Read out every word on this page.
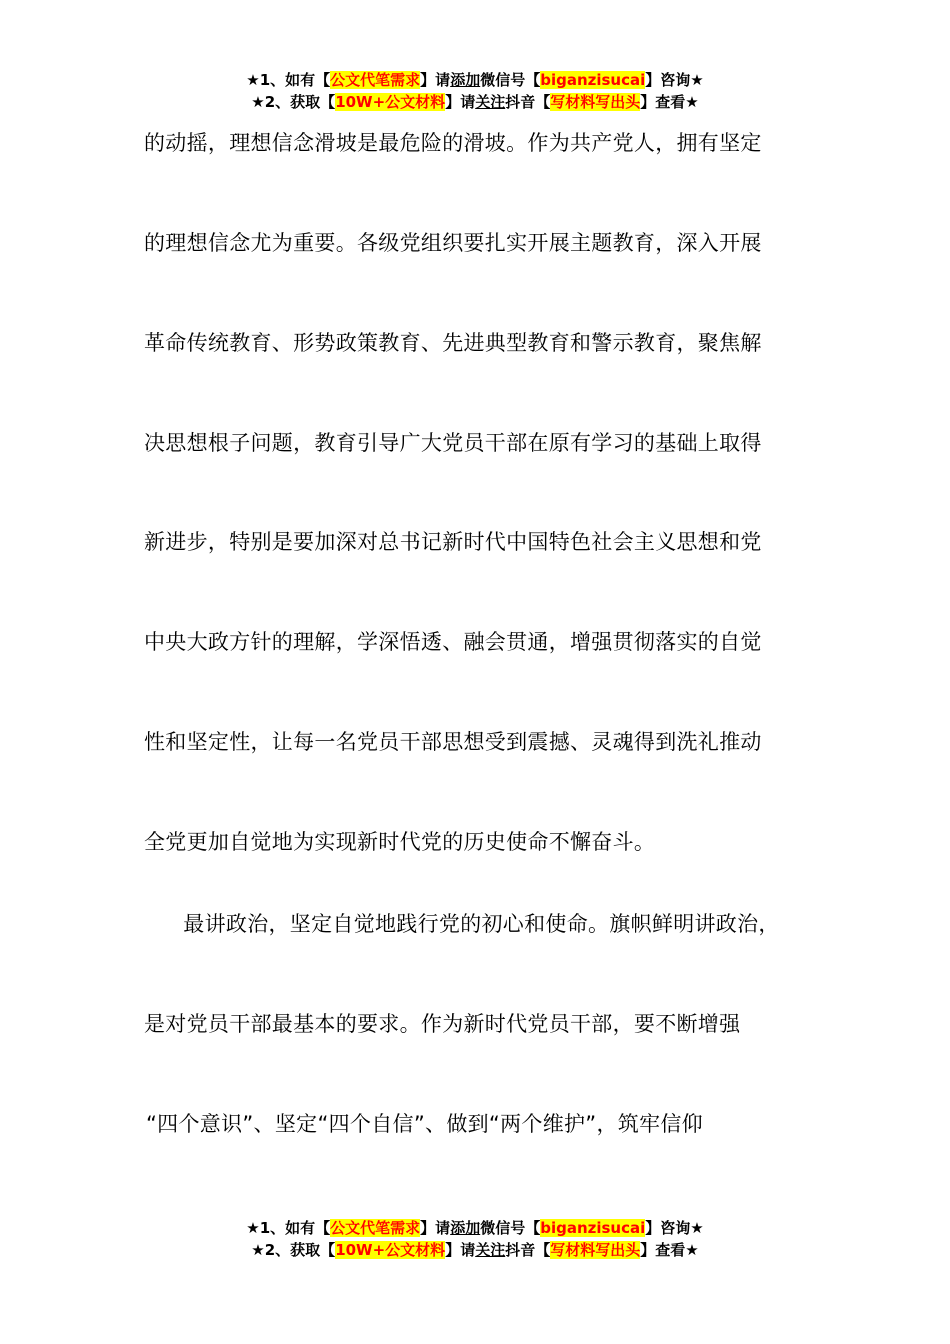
★1、如有【公文代笔需求】请添加微信号【biganzisucai】咨询★
★2、获取【10W+公文材料】请关注抖音【写材料写出头】查看★
的动摇，理想信念滑坡是最危险的滑坡。作为共产党人，拥有坚定
的理想信念尤为重要。各级党组织要扎实开展主题教育，深入开展
革命传统教育、形势政策教育、先进典型教育和警示教育，聚焦解
决思想根子问题，教育引导广大党员干部在原有学习的基础上取得
新进步，特别是要加深对总书记新时代中国特色社会主义思想和党
中央大政方针的理解，学深悟透、融会贯通，增强贯彻落实的自觉
性和坚定性，让每一名党员干部思想受到震撼、灵魂得到洗礼推动
全党更加自觉地为实现新时代党的历史使命不懈奋斗。
　最讲政治，坚定自觉地践行党的初心和使命。旗帜鲜明讲政治，
是对党员干部最基本的要求。作为新时代党员干部，要不断增强
“四个意识”、坚定“四个自信”、做到“两个维护”，筑牢信仰
★1、如有【公文代笔需求】请添加微信号【biganzisucai】咨询★
★2、获取【10W+公文材料】请关注抖音【写材料写出头】查看★
